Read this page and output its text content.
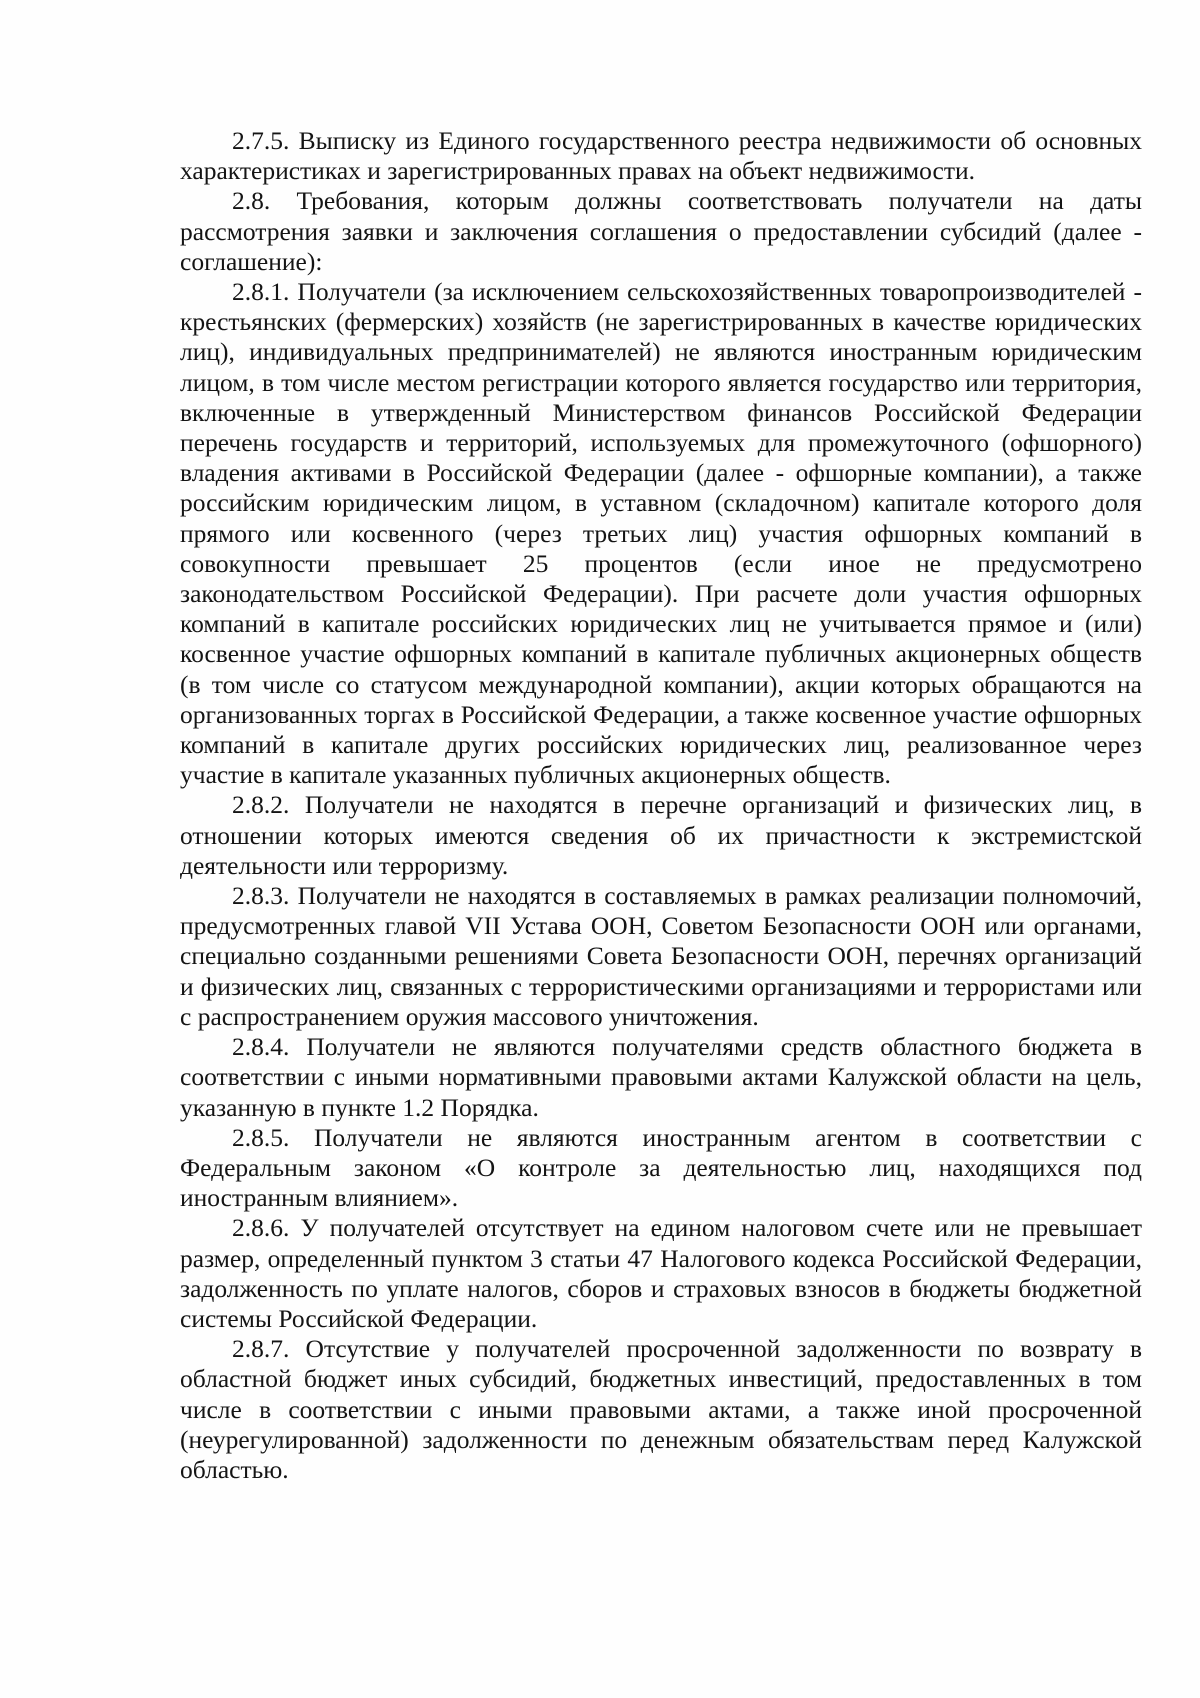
2.7.5. Выписку из Единого государственного реестра недвижимости об основных характеристиках и зарегистрированных правах на объект недвижимости.

2.8. Требования, которым должны соответствовать получатели на даты рассмотрения заявки и заключения соглашения о предоставлении субсидий (далее - соглашение):

2.8.1. Получатели (за исключением сельскохозяйственных товаропроизводителей - крестьянских (фермерских) хозяйств (не зарегистрированных в качестве юридических лиц), индивидуальных предпринимателей) не являются иностранным юридическим лицом, в том числе местом регистрации которого является государство или территория, включенные в утвержденный Министерством финансов Российской Федерации перечень государств и территорий, используемых для промежуточного (офшорного) владения активами в Российской Федерации (далее - офшорные компании), а также российским юридическим лицом, в уставном (складочном) капитале которого доля прямого или косвенного (через третьих лиц) участия офшорных компаний в совокупности превышает 25 процентов (если иное не предусмотрено законодательством Российской Федерации). При расчете доли участия офшорных компаний в капитале российских юридических лиц не учитывается прямое и (или) косвенное участие офшорных компаний в капитале публичных акционерных обществ (в том числе со статусом международной компании), акции которых обращаются на организованных торгах в Российской Федерации, а также косвенное участие офшорных компаний в капитале других российских юридических лиц, реализованное через участие в капитале указанных публичных акционерных обществ.

2.8.2. Получатели не находятся в перечне организаций и физических лиц, в отношении которых имеются сведения об их причастности к экстремистской деятельности или терроризму.

2.8.3. Получатели не находятся в составляемых в рамках реализации полномочий, предусмотренных главой VII Устава ООН, Советом Безопасности ООН или органами, специально созданными решениями Совета Безопасности ООН, перечнях организаций и физических лиц, связанных с террористическими организациями и террористами или с распространением оружия массового уничтожения.

2.8.4. Получатели не являются получателями средств областного бюджета в соответствии с иными нормативными правовыми актами Калужской области на цель, указанную в пункте 1.2 Порядка.

2.8.5. Получатели не являются иностранным агентом в соответствии с Федеральным законом «О контроле за деятельностью лиц, находящихся под иностранным влиянием».

2.8.6. У получателей отсутствует на едином налоговом счете или не превышает размер, определенный пунктом 3 статьи 47 Налогового кодекса Российской Федерации, задолженность по уплате налогов, сборов и страховых взносов в бюджеты бюджетной системы Российской Федерации.

2.8.7. Отсутствие у получателей просроченной задолженности по возврату в областной бюджет иных субсидий, бюджетных инвестиций, предоставленных в том числе в соответствии с иными правовыми актами, а также иной просроченной (неурегулированной) задолженности по денежным обязательствам перед Калужской областью.
